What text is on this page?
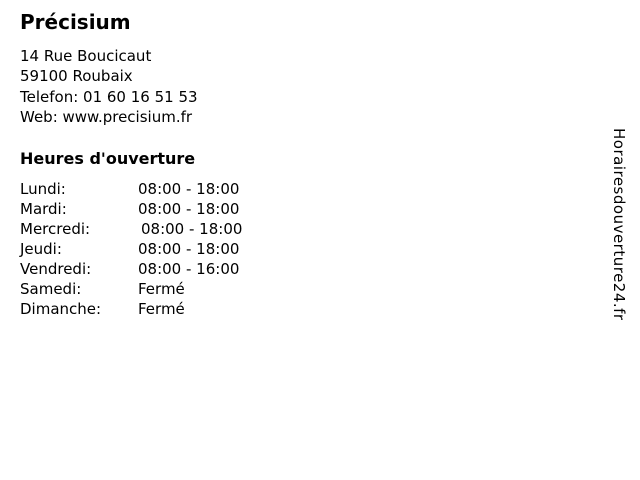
Précisium
14 Rue Boucicaut
59100 Roubaix
Telefon: 01 60 16 51 53
Web: www.precisium.fr
Heures d'ouverture
Lundi:	08:00 - 18:00
Mardi:	08:00 - 18:00
Mercredi:	08:00 - 18:00
Jeudi:	08:00 - 18:00
Vendredi:	08:00 - 16:00
Samedi:	Fermé
Dimanche:	Fermé	Horairesdouverture24.fr
